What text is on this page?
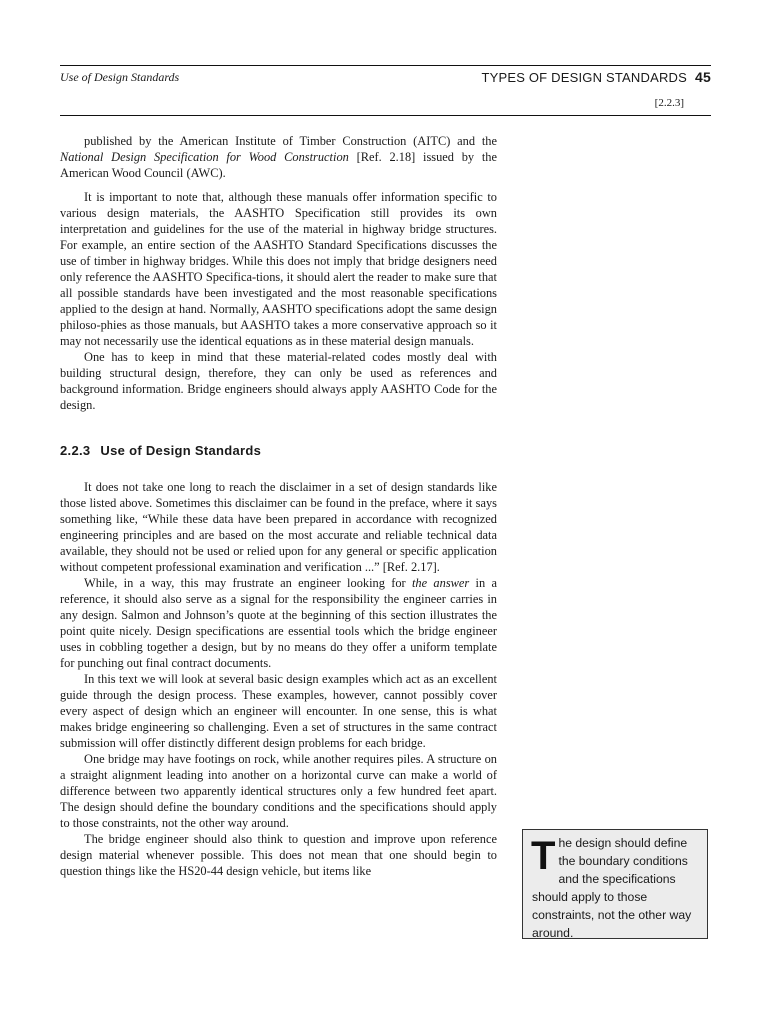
Use of Design Standards	TYPES OF DESIGN STANDARDS 45
[2.2.3]

published by the American Institute of Timber Construction (AITC) and the National Design Specification for Wood Construction [Ref. 2.18] issued by the American Wood Council (AWC).

It is important to note that, although these manuals offer information specific to various design materials, the AASHTO Specification still provides its own interpretation and guidelines for the use of the material in highway bridge structures. For example, an entire section of the AASHTO Standard Specifications discusses the use of timber in highway bridges. While this does not imply that bridge designers need only reference the AASHTO Specifica-tions, it should alert the reader to make sure that all possible standards have been investigated and the most reasonable specifications applied to the design at hand. Normally, AASHTO specifications adopt the same design philoso-phies as those manuals, but AASHTO takes a more conservative approach so it may not necessarily use the identical equations as in these material design manuals.

One has to keep in mind that these material-related codes mostly deal with building structural design, therefore, they can only be used as references and background information. Bridge engineers should always apply AASHTO Code for the design.

2.2.3 Use of Design Standards

It does not take one long to reach the disclaimer in a set of design standards like those listed above. Sometimes this disclaimer can be found in the preface, where it says something like, “While these data have been prepared in accordance with recognized engineering principles and are based on the most accurate and reliable technical data available, they should not be used or relied upon for any general or specific application without competent professional examination and verification ...” [Ref. 2.17].

While, in a way, this may frustrate an engineer looking for the answer in a reference, it should also serve as a signal for the responsibility the engineer carries in any design. Salmon and Johnson’s quote at the beginning of this section illustrates the point quite nicely. Design specifications are essential tools which the bridge engineer uses in cobbling together a design, but by no means do they offer a uniform template for punching out final contract documents.

In this text we will look at several basic design examples which act as an excellent guide through the design process. These examples, however, cannot possibly cover every aspect of design which an engineer will encounter. In one sense, this is what makes bridge engineering so challenging. Even a set of structures in the same contract submission will offer distinctly different design problems for each bridge.

One bridge may have footings on rock, while another requires piles. A structure on a straight alignment leading into another on a horizontal curve can make a world of difference between two apparently identical structures only a few hundred feet apart. The design should define the boundary conditions and the specifications should apply to those constraints, not the other way around.

The bridge engineer should also think to question and improve upon reference design material whenever possible. This does not mean that one should begin to question things like the HS20-44 design vehicle, but items like	The design should define the boundary conditions and the specifications should apply to those constraints, not the other way around.
